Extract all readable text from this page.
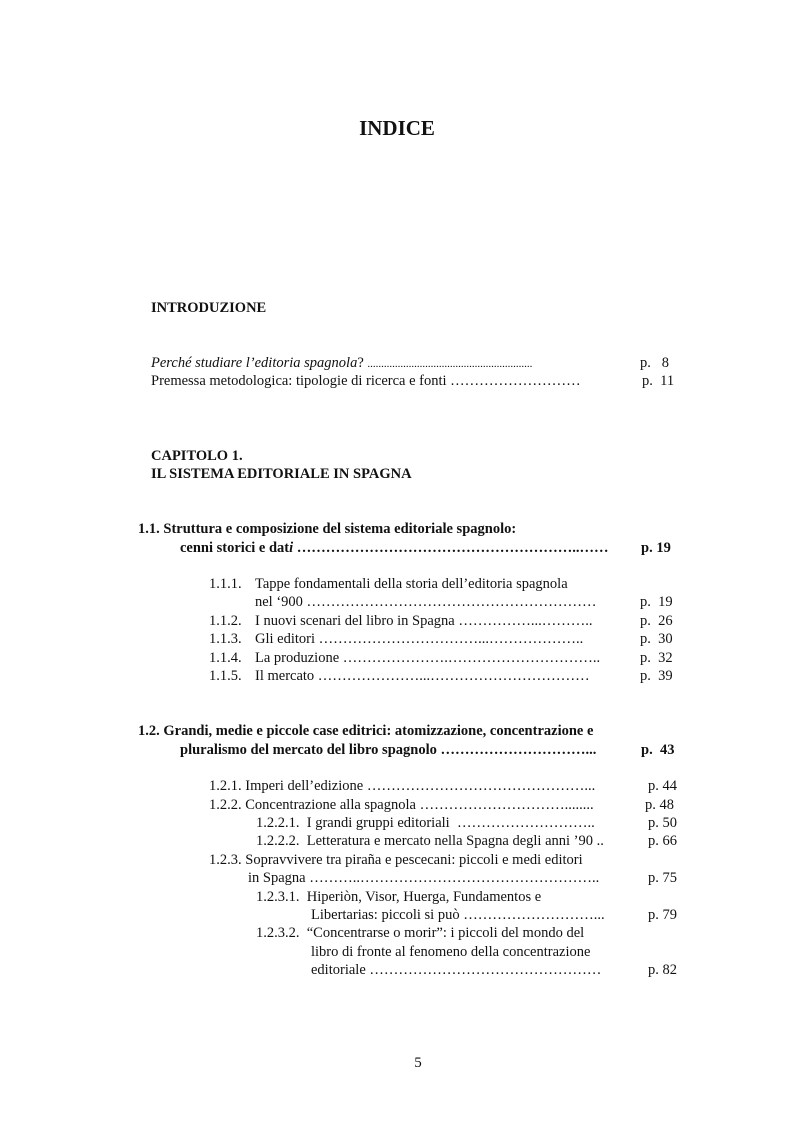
INDICE
INTRODUZIONE
Perché studiare l’editoria spagnola? ............................................................	p.   8
Premessa metodologica: tipologie di ricerca e fonti ………………………	p.  11
CAPITOLO 1.
IL SISTEMA EDITORIALE IN SPAGNA
1.1. Struttura e composizione del sistema editoriale spagnolo:
cenni storici e dati …………………………………………………..…… p. 19
1.1.1. Tappe fondamentali della storia dell’editoria spagnola
nel ‘900 ……………………………………………………	p.  19
1.1.2. I nuovi scenari del libro in Spagna ……………...………..	p.  26
1.1.3. Gli editori ……………………………...………………..	p.  30
1.1.4. La produzione ………………….…………………………..	p.  32
1.1.5. Il mercato …………………...……………………………	p.  39
1.2. Grandi, medie e piccole case editrici: atomizzazione, concentrazione e
pluralismo del mercato del libro spagnolo …………………………...	p.  43
1.2.1. Imperi dell’edizione ………………………………………...	p. 44
1.2.2. Concentrazione alla spagnola …………………………........	p. 48
1.2.2.1.  I grandi gruppi editoriali  ………………………..	p. 50
1.2.2.2.  Letteratura e mercato nella Spagna degli anni ’90 ..	p. 66
1.2.3. Sopravvivere tra piraña e pescecani: piccoli e medi editori
in Spagna ………..…………………………………………..	p. 75
1.2.3.1.  Hiperiòn, Visor, Huerga, Fundamentos e
Libertarias: piccoli si può ………………………...	p. 79
1.2.3.2.  “Concentrarse o morir”: i piccoli del mondo del
libro di fronte al fenomeno della concentrazione
editoriale …………………………………………	p. 82
5
